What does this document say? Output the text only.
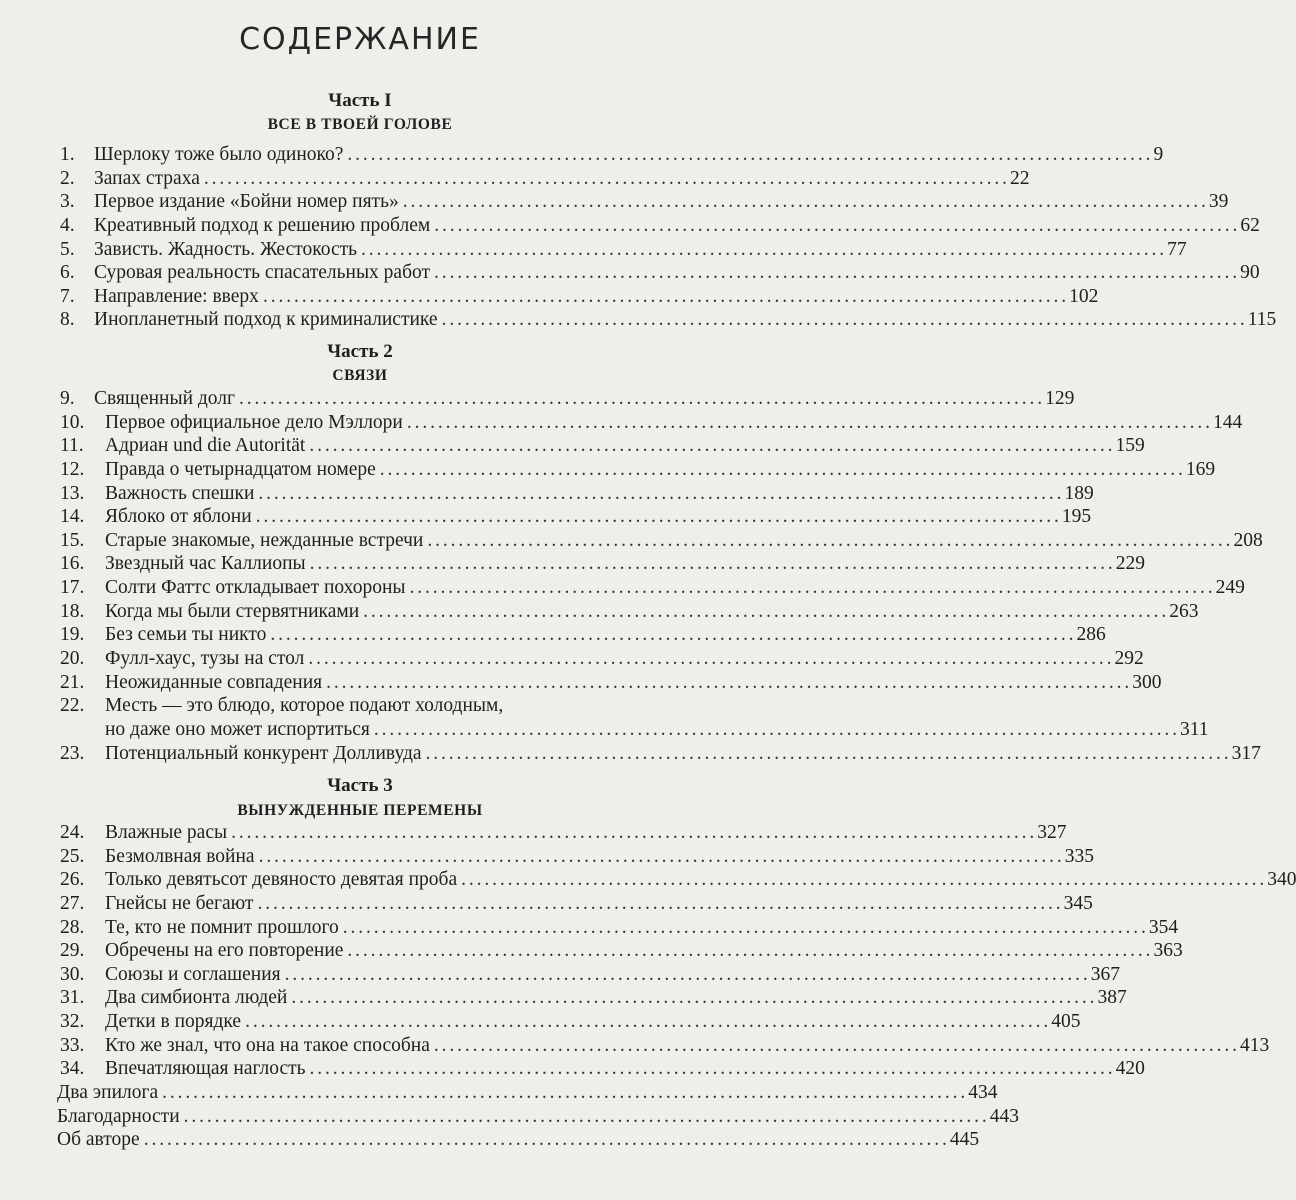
СОДЕРЖАНИЕ
Часть I
ВСЕ В ТВОЕЙ ГОЛОВЕ
1. Шерлоку тоже было одиноко? . . .	9
2. Запах страха . . .	22
3. Первое издание «Бойни номер пять» . . .	39
4. Креативный подход к решению проблем . . .	62
5. Зависть. Жадность. Жестокость . . .	77
6. Суровая реальность спасательных работ . . .	90
7. Направление: вверх . . .	102
8. Инопланетный подход к криминалистике . . .	115
Часть 2
СВЯЗИ
9. Священный долг . . .	129
10.	Первое официальное дело Мэллори . . .	144
11.	Адриан und die Autorität . . .	159
12.	Правда о четырнадцатом номере . . .	169
13.	Важность спешки . . .	189
14.	Яблоко от яблони . . .	195
15.	Старые знакомые, нежданные встречи . . .	208
16.	Звездный час Каллиопы . . .	229
17.	Солти Фаттс откладывает похороны . . .	249
18.	Когда мы были стервятниками . . .	263
19.	Без семьи ты никто . . .	286
20.	Фулл-хаус, тузы на стол . . .	292
21.	Неожиданные совпадения . . .	300
22.	Месть — это блюдо, которое подают холодным,
но даже оно может испортиться . . .	311
23.	Потенциальный конкурент Долливуда . . .	317
Часть 3
ВЫНУЖДЕННЫЕ ПЕРЕМЕНЫ
24.	Влажные расы . . .	327
25.	Безмолвная война . . .	335
26.	Только девятьсот девяносто девятая проба . . .	340
27.	Гнейсы не бегают . . .	345
28.	Те, кто не помнит прошлого . . .	354
29.	Обречены на его повторение . . .	363
30.	Союзы и соглашения . . .	367
31.	Два симбионта людей . . .	387
32.	Детки в порядке . . .	405
33.	Кто же знал, что она на такое способна . . .	413
34.	Впечатляющая наглость . . .	420
Два эпилога . . .	434
Благодарности . . .	443
Об авторе . . .	445
